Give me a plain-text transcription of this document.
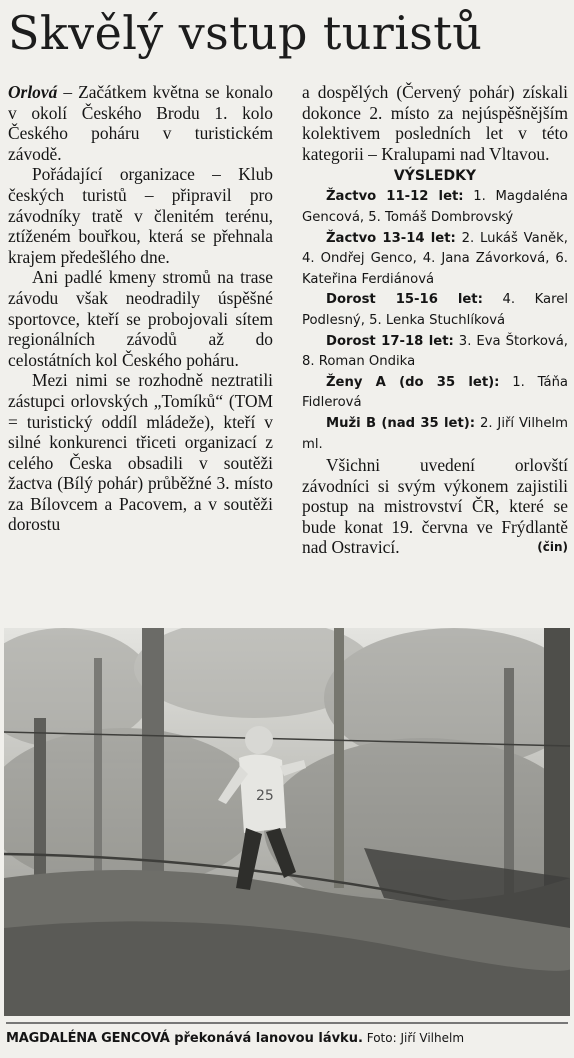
Skvělý vstup turistů

Orlová – Začátkem května se konalo v okolí Českého Brodu 1. kolo Českého poháru v turistickém závodě.

Pořádající organizace – Klub českých turistů – připravil pro závodníky tratě v členitém terénu, ztíženém bouřkou, která se přehnala krajem předešlého dne.

Ani padlé kmeny stromů na trase závodu však neodradily úspěšné sportovce, kteří se probojovali sítem regionálních závodů až do celostátních kol Českého poháru.

Mezi nimi se rozhodně neztratili zástupci orlovských „Tomíků“ (TOM = turistický oddíl mládeže), kteří v silné konkurenci třiceti organizací z celého Česka obsadili v soutěži žactva (Bílý pohár) průběžné 3. místo za Bílovcem a Pacovem, a v soutěži dorostu

a dospělých (Červený pohár) získali dokonce 2. místo za nejúspěšnějším kolektivem posledních let v této kategorii – Kralupami nad Vltavou.

VÝSLEDKY

Žactvo 11-12 let: 1. Magdaléna Gencová, 5. Tomáš Dombrovský

Žactvo 13-14 let: 2. Lukáš Vaněk, 4. Ondřej Genco, 4. Jana Závorková, 6. Kateřina Ferdiánová

Dorost 15-16 let: 4. Karel Podlesný, 5. Lenka Stuchlíková

Dorost 17-18 let: 3. Eva Štorková, 8. Roman Ondika

Ženy A (do 35 let): 1. Táňa Fidlerová

Muži B (nad 35 let): 2. Jiří Vilhelm ml.

Všichni uvedení orlovští závodníci si svým výkonem zajistili postup na mistrovství ČR, které se bude konat 19. června ve Frýdlantě nad Ostravicí.	(čin)

25
MAGDALÉNA GENCOVÁ překonává lanovou lávku. Foto: Jiří Vilhelm
